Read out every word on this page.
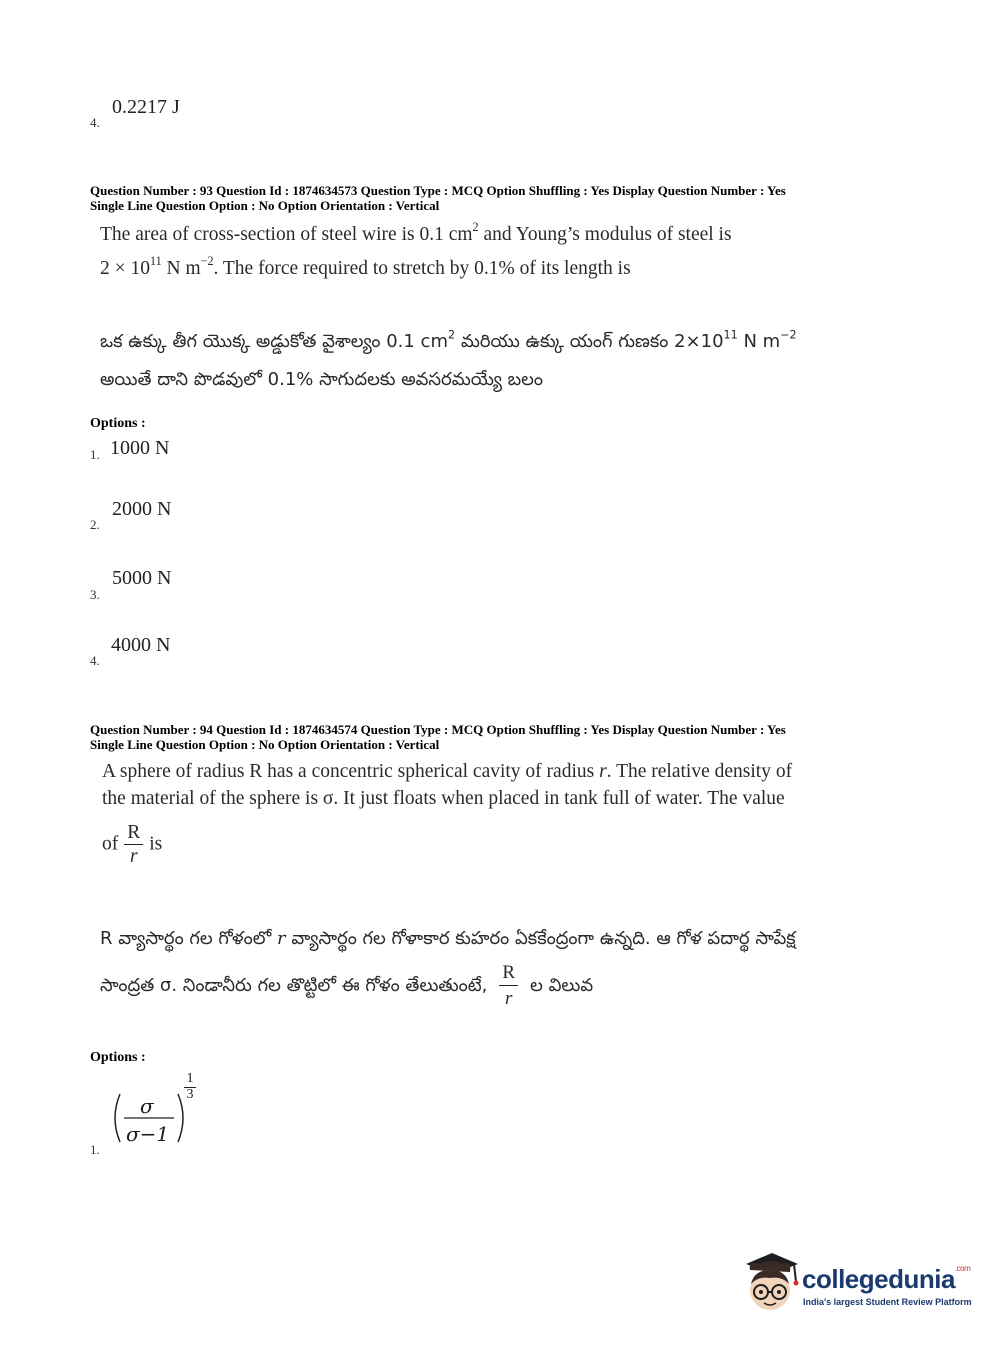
0.2217 J
4.
Question Number : 93 Question Id : 1874634573 Question Type : MCQ Option Shuffling : Yes Display Question Number : Yes
Single Line Question Option : No Option Orientation : Vertical
The area of cross-section of steel wire is 0.1 $cm^2$ and Young’s modulus of steel is
$2 \times 10^{11}$ N $m^{-2}$. The force required to stretch by 0.1% of its length is
ఒక ఉక్కు తీగ యొక్క అడ్డుకోత వైశాల్యం 0.1 $cm^2$ మరియు ఉక్కు యంగ్ గుణకం $2\times 10^{11}$ N $m^{-2}$
అయితే దాని పొడవులో 0.1% సాగుదలకు అవసరమయ్యే బలం
Options :
1000 N
1.
2000 N
2.
5000 N
3.
4000 N
4.
Question Number : 94 Question Id : 1874634574 Question Type : MCQ Option Shuffling : Yes Display Question Number : Yes
Single Line Question Option : No Option Orientation : Vertical
A sphere of radius R has a concentric spherical cavity of radius r. The relative density of
the material of the sphere is σ. It just floats when placed in tank full of water. The value
of $\frac{R}{r}$ is
R వ్యాసార్థం గల గోళంలో r వ్యాసార్థం గల గోళాకార కుహరం ఏకకేంద్రంగా ఉన్నది. ఆ గోళ పదార్థ సాపేక్ష
సాంద్రత σ. నిండానీరు గల తొట్టిలో ఈ గోళం తేలుతుంటే, $\frac{R}{r}$ ల విలువ
Options :
σ
σ−1
1
3
1.
collegedunia$^{.com}$
India's largest Student Review Platform
